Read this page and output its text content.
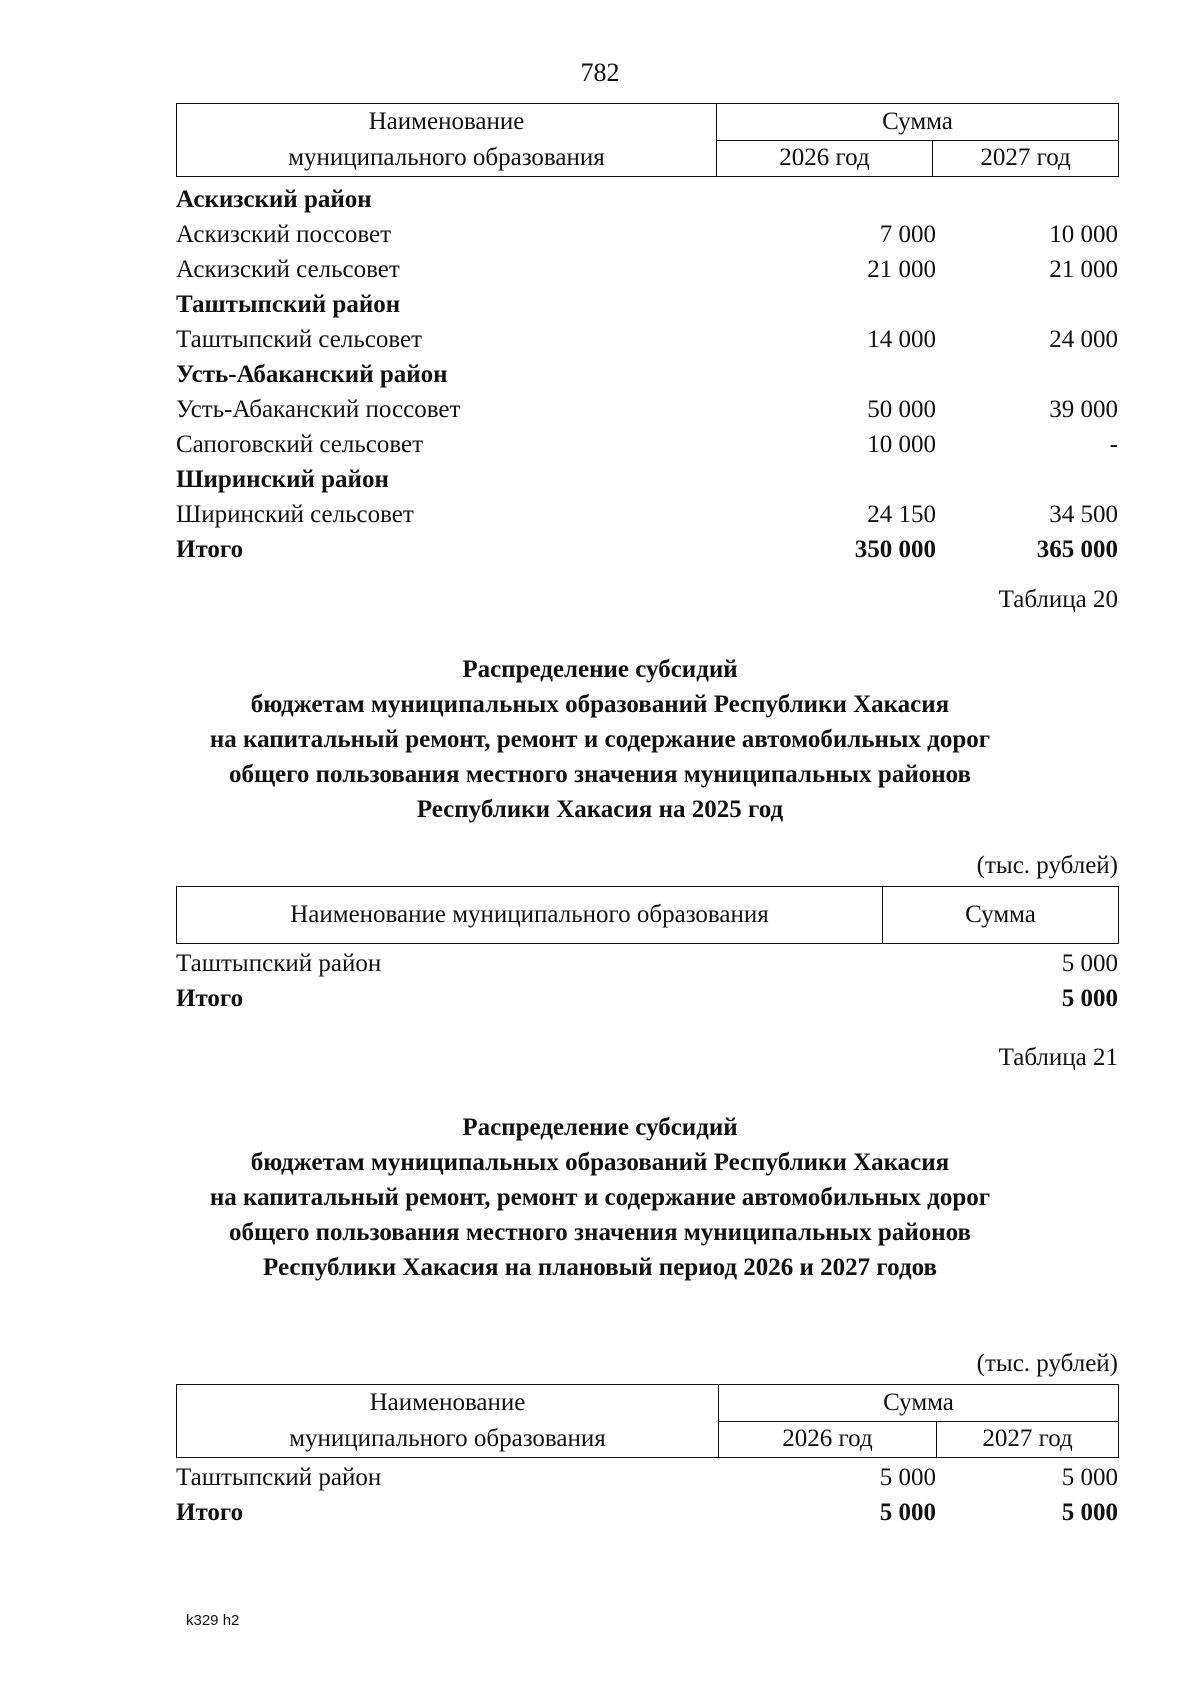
782
Наименование
муниципального образования	Сумма	
	2026 год	2027 год
Аскизский район
Аскизский поссовет	7 000	10 000
Аскизский сельсовет	21 000	21 000
Таштыпский район
Таштыпский сельсовет	14 000	24 000
Усть-Абаканский район
Усть-Абаканский поссовет	50 000	39 000
Сапоговский сельсовет	10 000	-
Ширинский район
Ширинский сельсовет	24 150	34 500
Итого	350 000	365 000
Таблица 20
Распределение субсидий
бюджетам муниципальных образований Республики Хакасия
на капитальный ремонт, ремонт и содержание автомобильных дорог
общего пользования местного значения муниципальных районов
Республики Хакасия на 2025 год
(тыс. рублей)
Наименование муниципального образования	Сумма
Таштыпский район	5 000
Итого	5 000
Таблица 21
Распределение субсидий
бюджетам муниципальных образований Республики Хакасия
на капитальный ремонт, ремонт и содержание автомобильных дорог
общего пользования местного значения муниципальных районов
Республики Хакасия на плановый период 2026 и 2027 годов
(тыс. рублей)
Наименование
муниципального образования	Сумма	
	2026 год	2027 год
Таштыпский район	5 000	5 000
Итого	5 000	5 000
k329 h2
